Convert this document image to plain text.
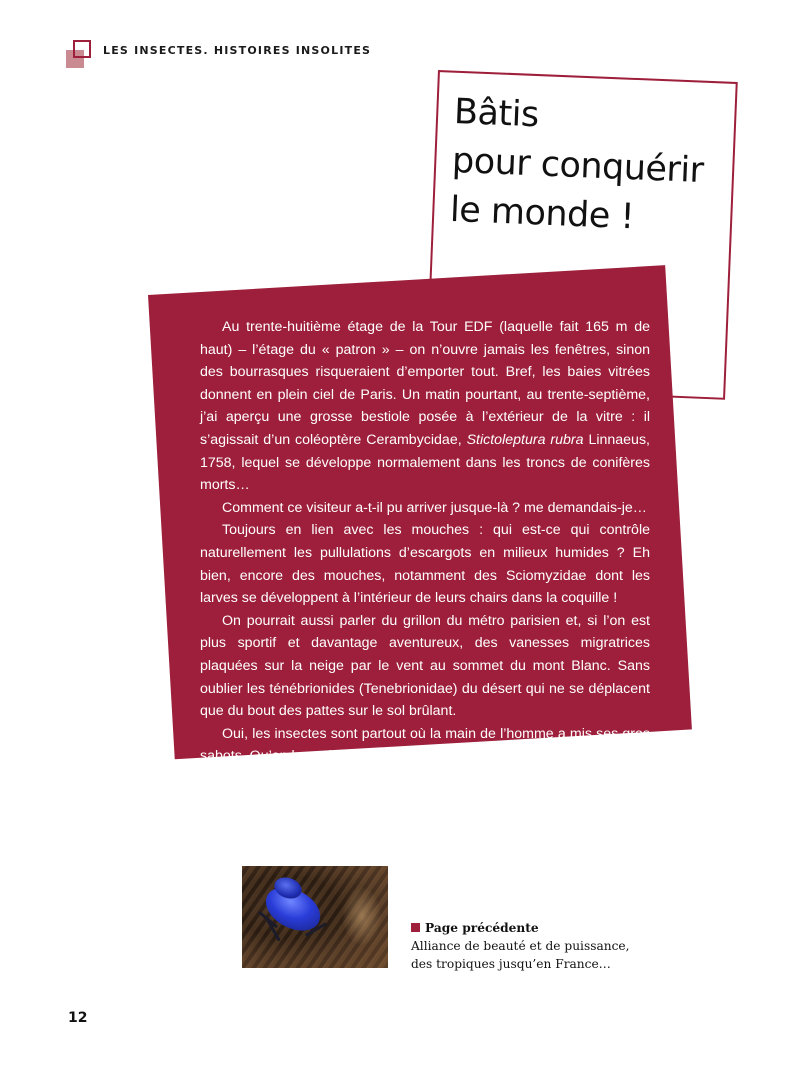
LES INSECTES. HISTOIRES INSOLITES
Bâtis
pour conquérir
le monde !

Au trente-huitième étage de la Tour EDF (laquelle fait 165 m de haut) – l’étage du « patron » – on n’ouvre jamais les fenêtres, sinon des bourrasques risqueraient d’emporter tout. Bref, les baies vitrées donnent en plein ciel de Paris. Un matin pourtant, au trente-septième, j’ai aperçu une grosse bestiole posée à l’extérieur de la vitre : il s’agissait d’un coléoptère Cerambycidae, Stictoleptura rubra Linnaeus, 1758, lequel se développe normalement dans les troncs de conifères morts…

Comment ce visiteur a-t-il pu arriver jusque-là ? me demandais-je…

Toujours en lien avec les mouches : qui est-ce qui contrôle naturellement les pullulations d’escargots en milieux humides ? Eh bien, encore des mouches, notamment des Sciomyzidae dont les larves se développent à l’intérieur de leurs chairs dans la coquille !

On pourrait aussi parler du grillon du métro parisien et, si l’on est plus sportif et davantage aventureux, des vanesses migratrices plaquées sur la neige par le vent au sommet du mont Blanc. Sans oublier les ténébrionides (Tenebrionidae) du désert qui ne se déplacent que du bout des pattes sur le sol brûlant.

Oui, les insectes sont partout où la main de l’homme a mis ses gros sabots. Qu’on le sache ou qu’on l’ignore, le monde leur appartient…

Page précédente
Alliance de beauté et de puissance,
des tropiques jusqu’en France…
12
